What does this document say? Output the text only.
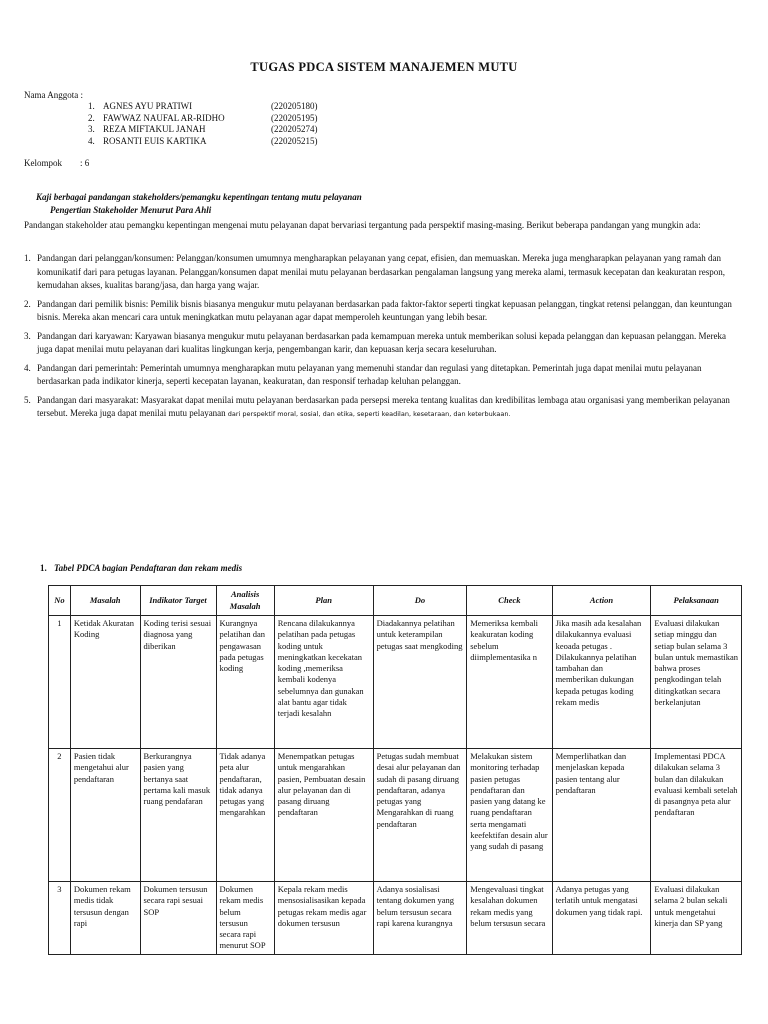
TUGAS PDCA SISTEM MANAJEMEN MUTU
Nama Anggota :
1. AGNES AYU PRATIWI	(220205180)
2. FAWWAZ NAUFAL AR-RIDHO	(220205195)
3. REZA MIFTAKUL JANAH	(220205274)
4. ROSANTI EUIS KARTIKA	(220205215)
Kelompok	: 6
Kaji berbagai pandangan stakeholders/pemangku kepentingan tentang mutu pelayanan
Pengertian Stakeholder Menurut Para Ahli
Pandangan stakeholder atau pemangku kepentingan mengenai mutu pelayanan dapat bervariasi tergantung pada perspektif masing-masing. Berikut beberapa pandangan yang mungkin ada:
1. Pandangan dari pelanggan/konsumen: Pelanggan/konsumen umumnya mengharapkan pelayanan yang cepat, efisien, dan memuaskan. Mereka juga mengharapkan pelayanan yang ramah dan komunikatif dari para petugas layanan. Pelanggan/konsumen dapat menilai mutu pelayanan berdasarkan pengalaman langsung yang mereka alami, termasuk kecepatan dan keakuratan respon, kemudahan akses, kualitas barang/jasa, dan harga yang wajar.
2. Pandangan dari pemilik bisnis: Pemilik bisnis biasanya mengukur mutu pelayanan berdasarkan pada faktor-faktor seperti tingkat kepuasan pelanggan, tingkat retensi pelanggan, dan keuntungan bisnis. Mereka akan mencari cara untuk meningkatkan mutu pelayanan agar dapat memperoleh keuntungan yang lebih besar.
3. Pandangan dari karyawan: Karyawan biasanya mengukur mutu pelayanan berdasarkan pada kemampuan mereka untuk memberikan solusi kepada pelanggan dan kepuasan pelanggan. Mereka juga dapat menilai mutu pelayanan dari kualitas lingkungan kerja, pengembangan karir, dan kepuasan kerja secara keseluruhan.
4. Pandangan dari pemerintah: Pemerintah umumnya mengharapkan mutu pelayanan yang memenuhi standar dan regulasi yang ditetapkan. Pemerintah juga dapat menilai mutu pelayanan berdasarkan pada indikator kinerja, seperti kecepatan layanan, keakuratan, dan responsif terhadap keluhan pelanggan.
5. Pandangan dari masyarakat: Masyarakat dapat menilai mutu pelayanan berdasarkan pada persepsi mereka tentang kualitas dan kredibilitas lembaga atau organisasi yang memberikan pelayanan tersebut. Mereka juga dapat menilai mutu pelayanan dari perspektif moral, sosial, dan etika, seperti keadilan, kesetaraan, dan keterbukaan.
1. Tabel PDCA bagian Pendaftaran dan rekam medis
No	Masalah	Indikator Target	Analisis Masalah	Plan	Do	Check	Action	Pelaksanaan
1	Ketidak Akuratan Koding	Koding terisi sesuai diagnosa yang diberikan	Kurangnya pelatihan dan pengawasan pada petugas koding	Rencana dilakukannya pelatihan pada petugas koding untuk meningkatkan kecekatan koding ,memeriksa kembali kodenya sebelumnya dan gunakan alat bantu agar tidak terjadi kesalahn	Diadakannya pelatihan untuk keterampilan petugas saat mengkoding	Memeriksa kembali keakuratan koding sebelum diimplementasika n	Jika masih ada kesalahan dilakukannya evaluasi keoada petugas . Dilakukannya pelatihan tambahan dan memberikan dukungan kepada petugas koding rekam medis	Evaluasi dilakukan setiap minggu dan setiap bulan selama 3 bulan untuk memastikan bahwa proses pengkodingan telah ditingkatkan secara berkelanjutan
2	Pasien tidak mengetahui alur pendaftaran	Berkurangnya pasien yang bertanya saat pertama kali masuk ruang pendafaran	Tidak adanya peta alur pendaftaran, tidak adanya petugas yang mengarahkan	Menempatkan petugas untuk mengarahkan pasien, Pembuatan desain alur pelayanan dan di pasang diruang pendaftaran	Petugas sudah membuat desai alur pelayanan dan sudah di pasang diruang pendaftaran, adanya petugas yang Mengarahkan di ruang pendaftaran	Melakukan sistem monitoring terhadap pasien petugas pendaftaran dan pasien yang datang ke ruang pendaftaran serta mengamati keefektifan desain alur yang sudah di pasang	Memperlihatkan dan menjelaskan kepada pasien tentang alur pendaftaran	Implementasi PDCA dilakukan selama 3 bulan dan dilakukan evaluasi kembali setelah di pasangnya peta alur pendaftaran
3	Dokumen rekam medis tidak tersusun dengan rapi	Dokumen tersusun secara rapi sesuai SOP	Dokumen rekam medis belum tersusun secara rapi menurut SOP	Kepala rekam medis mensosialisasikan kepada petugas rekam medis agar dokumen tersusun	Adanya sosialisasi tentang dokumen yang belum tersusun secara rapi karena kurangnya	Mengevaluasi tingkat kesalahan dokumen rekam medis yang belum tersusun secara	Adanya petugas yang terlatih untuk mengatasi dokumen yang tidak rapi.	Evaluasi dilakukan selama 2 bulan sekali untuk mengetahui kinerja dan SP yang
